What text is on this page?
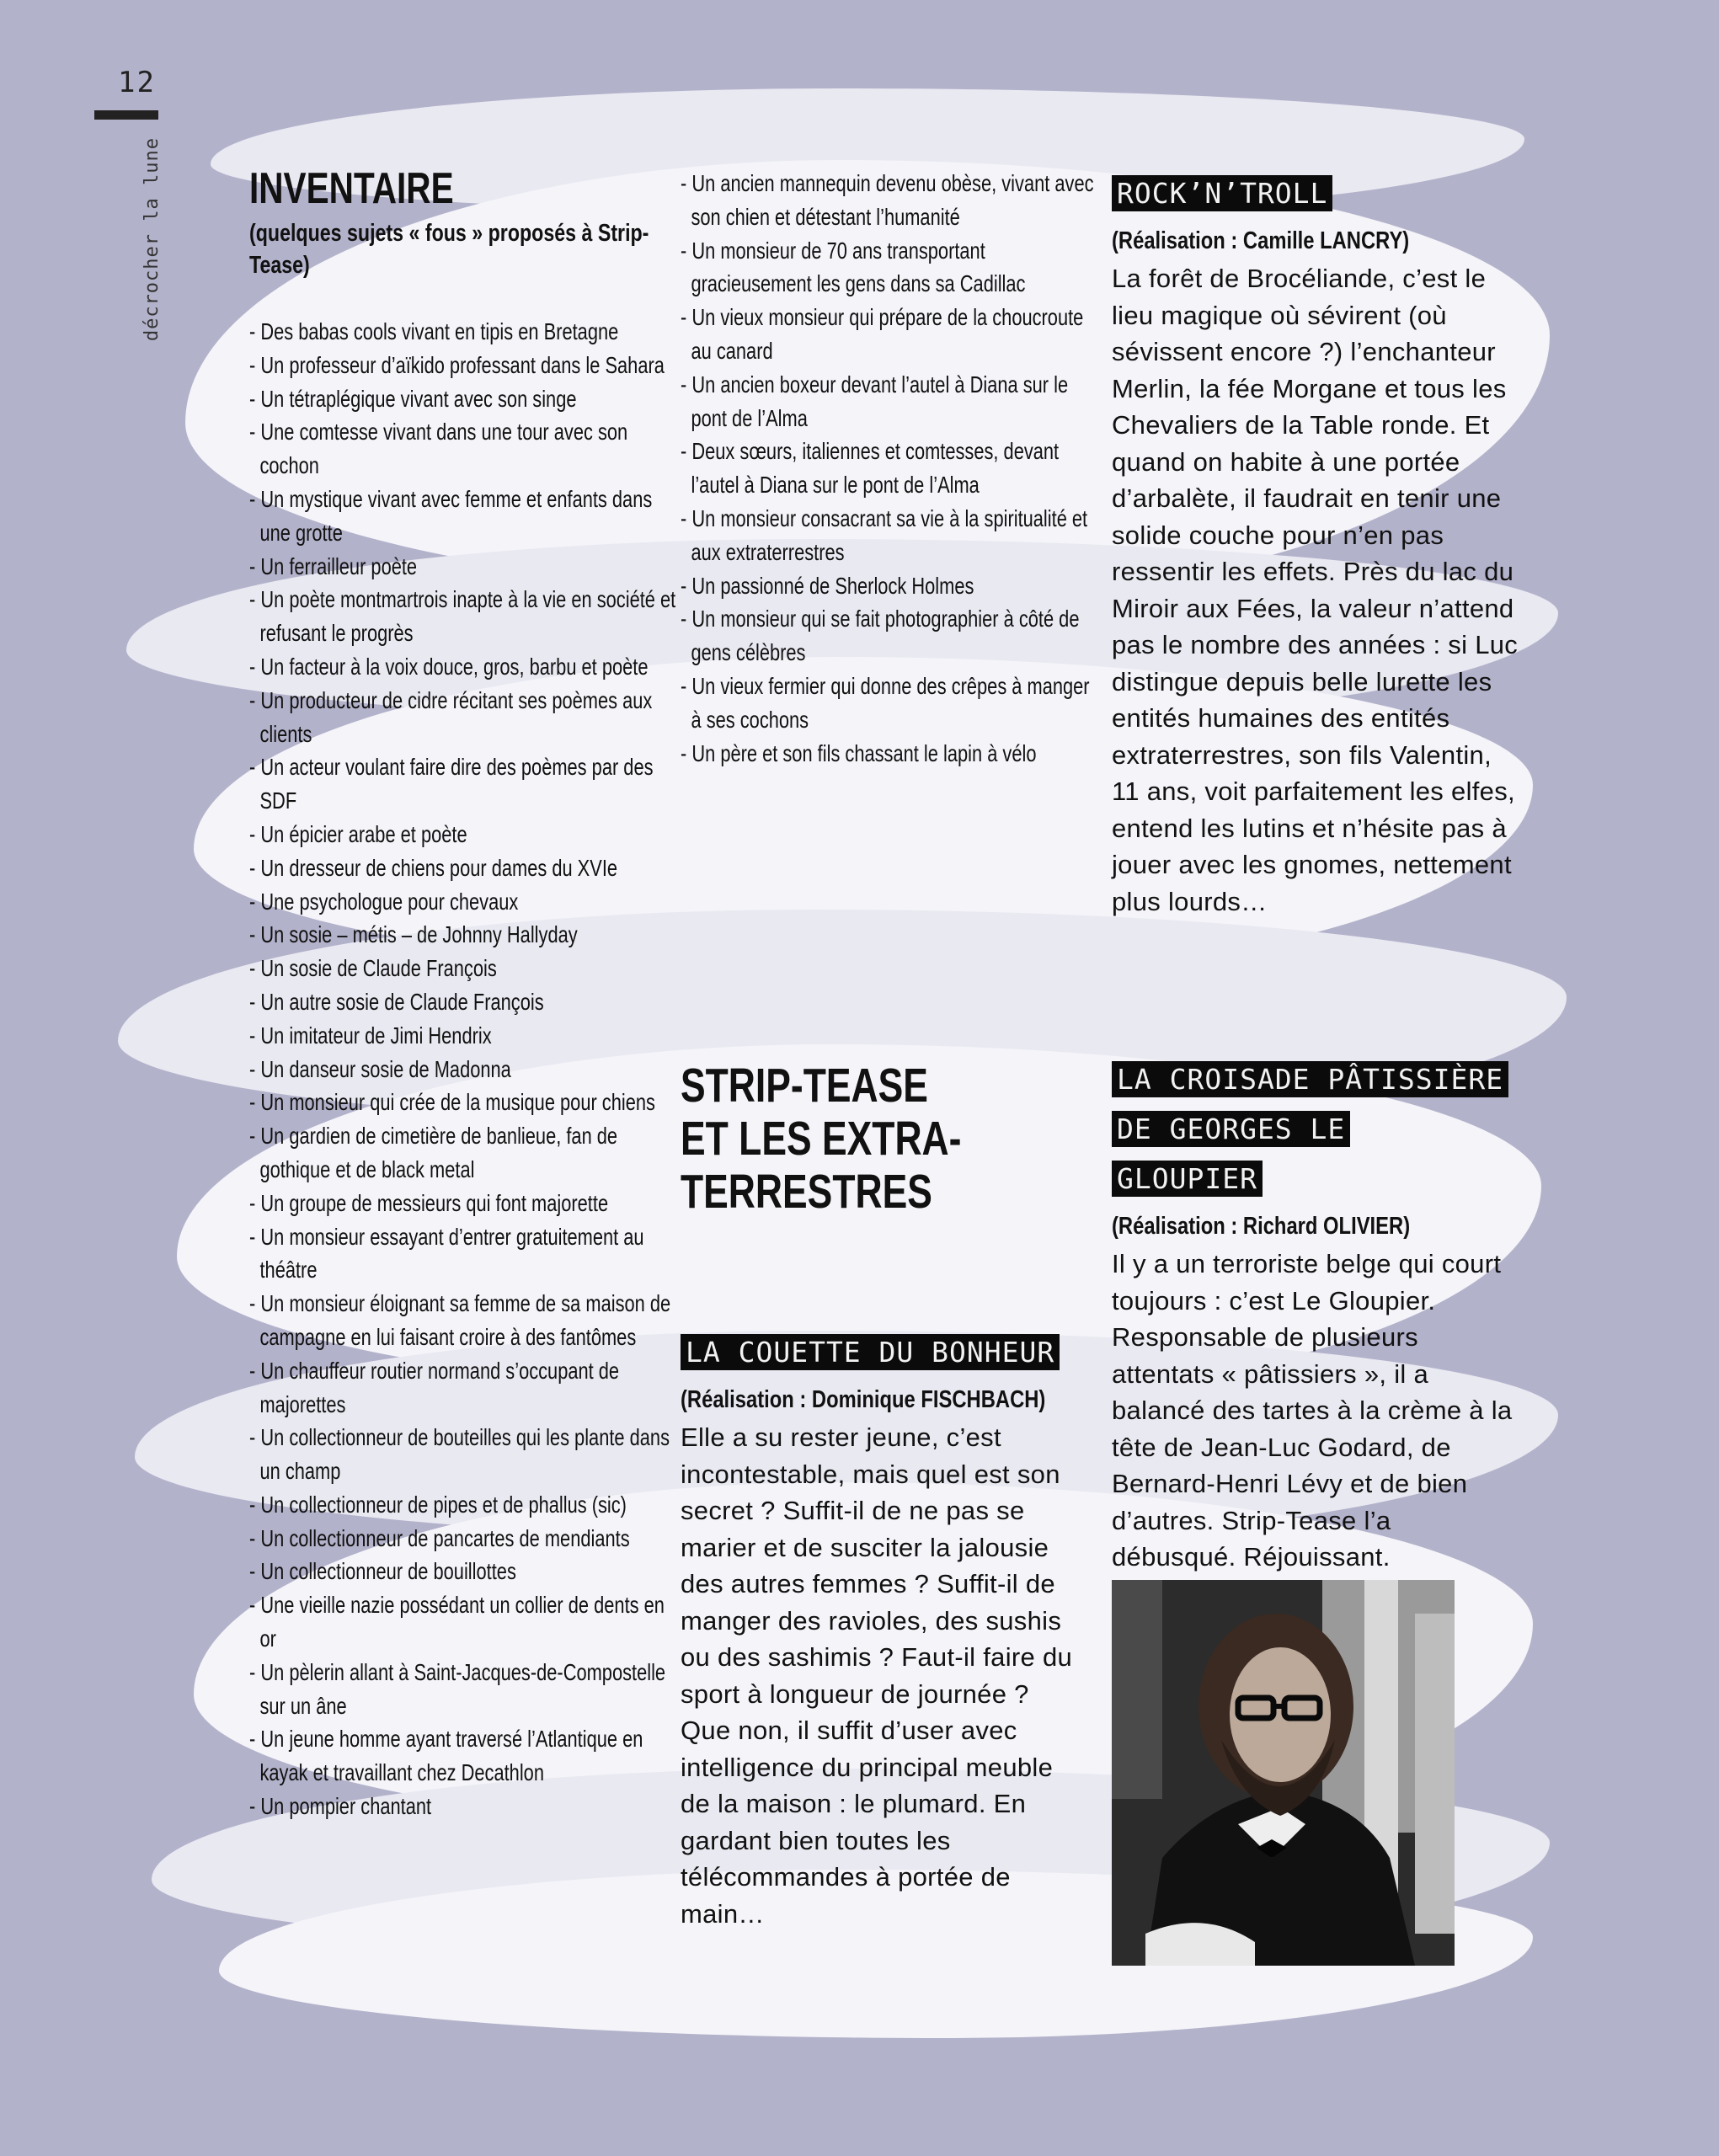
12
décrocher la lune INVENTAIRE

(quelques sujets « fous » proposés à Strip-Tease)

- Des babas cools vivant en tipis en Bretagne
- Un professeur d’aïkido professant dans le Sahara
- Un tétraplégique vivant avec son singe
- Une comtesse vivant dans une tour avec son cochon
- Un mystique vivant avec femme et enfants dans une grotte
- Un ferrailleur poète
- Un poète montmartrois inapte à la vie en société et refusant le progrès
- Un facteur à la voix douce, gros, barbu et poète
- Un producteur de cidre récitant ses poèmes aux clients
- Un acteur voulant faire dire des poèmes par des SDF
- Un épicier arabe et poète
- Un dresseur de chiens pour dames du XVIe
- Une psychologue pour chevaux
- Un sosie – métis – de Johnny Hallyday
- Un sosie de Claude François
- Un autre sosie de Claude François
- Un imitateur de Jimi Hendrix
- Un danseur sosie de Madonna
- Un monsieur qui crée de la musique pour chiens
- Un gardien de cimetière de banlieue, fan de gothique et de black metal
- Un groupe de messieurs qui font majorette
- Un monsieur essayant d’entrer gratuitement au théâtre
- Un monsieur éloignant sa femme de sa maison de campagne en lui faisant croire à des fantômes
- Un chauffeur routier normand s’occupant de majorettes
- Un collectionneur de bouteilles qui les plante dans un champ
- Un collectionneur de pipes et de phallus (sic)
- Un collectionneur de pancartes de mendiants
- Un collectionneur de bouillottes
- Une vieille nazie possédant un collier de dents en or
- Un pèlerin allant à Saint-Jacques-de-Compostelle sur un âne
- Un jeune homme ayant traversé l’Atlantique en kayak et travaillant chez Decathlon
- Un pompier chantant
- Un ancien mannequin devenu obèse, vivant avec son chien et détestant l’humanité
- Un monsieur de 70 ans transportant gracieusement les gens dans sa Cadillac
- Un vieux monsieur qui prépare de la choucroute au canard
- Un ancien boxeur devant l’autel à Diana sur le pont de l’Alma
- Deux sœurs, italiennes et comtesses, devant l’autel à Diana sur le pont de l’Alma
- Un monsieur consacrant sa vie à la spiritualité et aux extraterrestres
- Un passionné de Sherlock Holmes
- Un monsieur qui se fait photographier à côté de gens célèbres
- Un vieux fermier qui donne des crêpes à manger à ses cochons
- Un père et son fils chassant le lapin à vélo
STRIP-TEASE
ET LES EXTRA-
TERRESTRES

LA COUETTE DU BONHEUR

(Réalisation : Dominique FISCHBACH)

Elle a su rester jeune, c’est incontestable, mais quel est son secret ? Suffit-il de ne pas se marier et de susciter la jalousie des autres femmes ? Suffit-il de manger des ravioles, des sushis ou des sashimis ? Faut-il faire du sport à longueur de journée ? Que non, il suffit d’user avec intelligence du principal meuble de la maison : le plumard. En gardant bien toutes les télécommandes à portée de main…

ROCK’N’TROLL

(Réalisation : Camille LANCRY)

La forêt de Brocéliande, c’est le lieu magique où sévirent (où sévissent encore ?) l’enchanteur Merlin, la fée Morgane et tous les Chevaliers de la Table ronde. Et quand on habite à une portée d’arbalète, il faudrait en tenir une solide couche pour n’en pas ressentir les effets. Près du lac du Miroir aux Fées, la valeur n’attend pas le nombre des années : si Luc distingue depuis belle lurette les entités humaines des entités extraterrestres, son fils Valentin, 11 ans, voit parfaitement les elfes, entend les lutins et n’hésite pas à jouer avec les gnomes, nettement plus lourds…

LA CROISADE PÂTISSIÈRE DE GEORGES LE GLOUPIER

(Réalisation : Richard OLIVIER)

Il y a un terroriste belge qui court toujours : c’est Le Gloupier. Responsable de plusieurs attentats « pâtissiers », il a balancé des tartes à la crème à la tête de Jean-Luc Godard, de Bernard-Henri Lévy et de bien d’autres. Strip-Tease l’a débusqué. Réjouissant.
